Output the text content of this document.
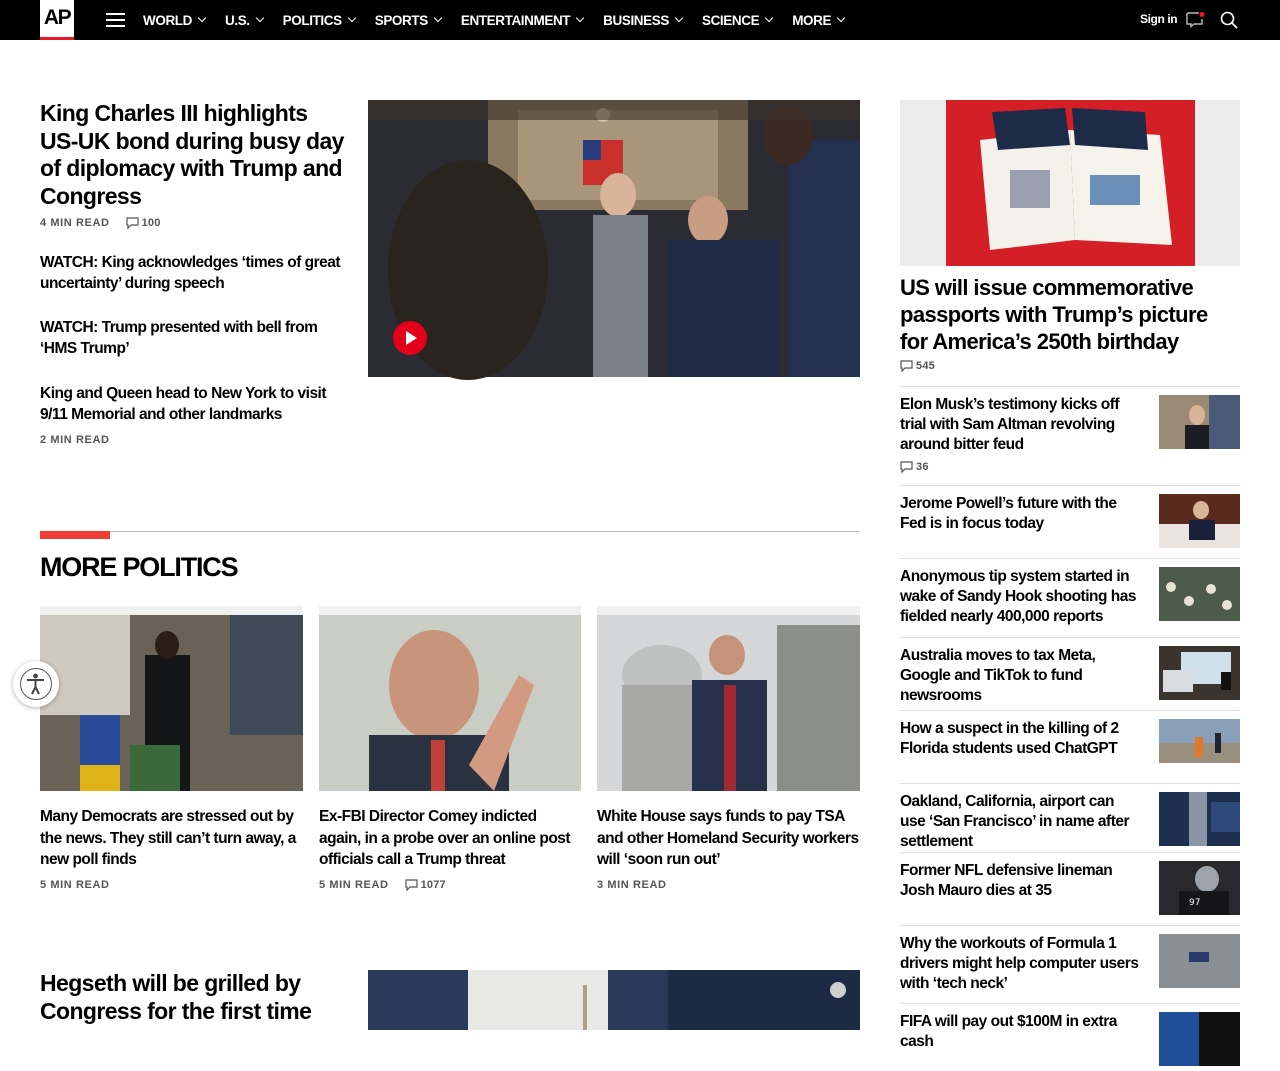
AP	WORLD U.S. POLITICS SPORTS ENTERTAINMENT BUSINESS SCIENCE MORE	Sign in
King Charles III highlights US-UK bond during busy day of diplomacy with Trump and Congress
4 MIN READ	100
WATCH: King acknowledges ‘times of great uncertainty’ during speech
WATCH: Trump presented with bell from ‘HMS Trump’
King and Queen head to New York to visit 9/11 Memorial and other landmarks
2 MIN READ
US will issue commemorative passports with Trump’s picture for America’s 250th birthday
545
Elon Musk’s testimony kicks off trial with Sam Altman revolving around bitter feud
36
Jerome Powell’s future with the Fed is in focus today
Anonymous tip system started in wake of Sandy Hook shooting has fielded nearly 400,000 reports
Australia moves to tax Meta, Google and TikTok to fund newsrooms
How a suspect in the killing of 2 Florida students used ChatGPT
Oakland, California, airport can use ‘San Francisco’ in name after settlement
Former NFL defensive lineman Josh Mauro dies at 35
97
Why the workouts of Formula 1 drivers might help computer users with ‘tech neck’
FIFA will pay out $100M in extra cash
MORE POLITICS
Many Democrats are stressed out by the news. They still can’t turn away, a new poll finds
5 MIN READ
Ex-FBI Director Comey indicted again, in a probe over an online post officials call a Trump threat
5 MIN READ	1077
White House says funds to pay TSA and other Homeland Security workers will ‘soon run out’
3 MIN READ
Hegseth will be grilled by Congress for the first time
